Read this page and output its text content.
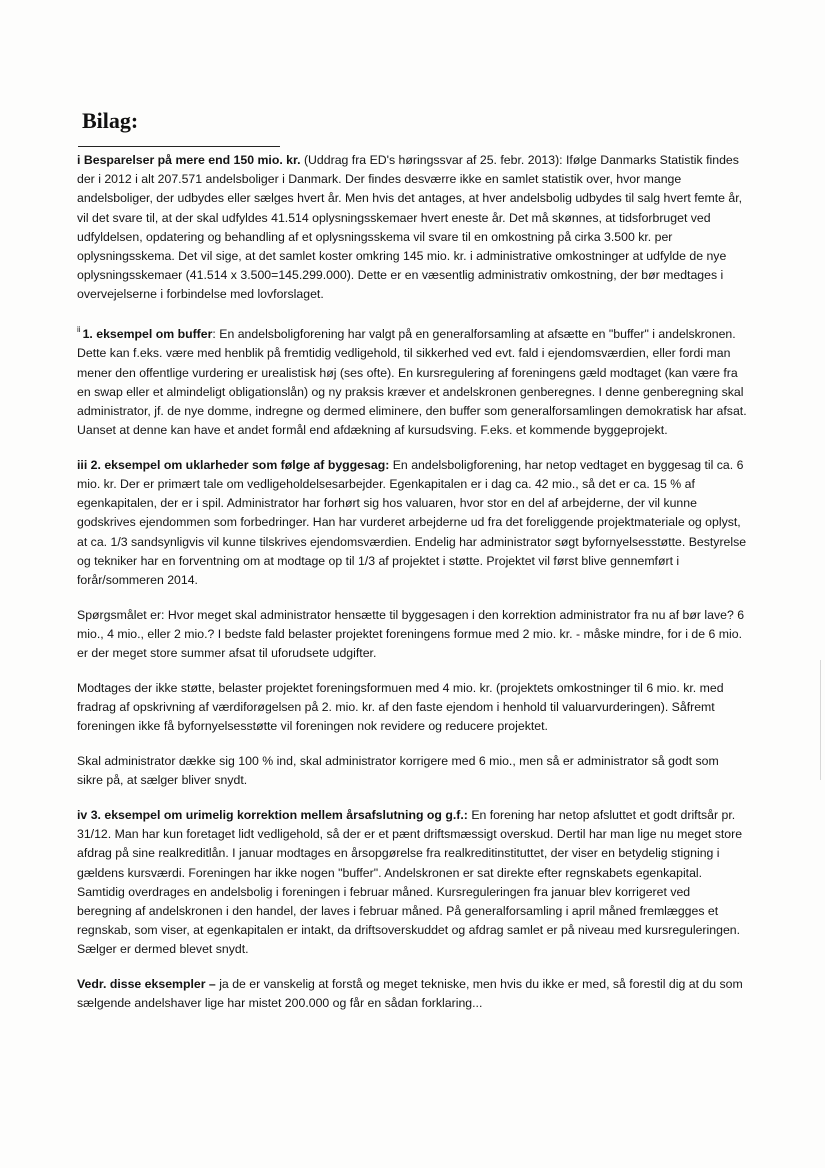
Bilag:

i Besparelser på mere end 150 mio. kr. (Uddrag fra ED's høringssvar af 25. febr. 2013): Ifølge Danmarks Statistik findes der i 2012 i alt 207.571 andelsboliger i Danmark. Der findes desværre ikke en samlet statistik over, hvor mange andelsboliger, der udbydes eller sælges hvert år. Men hvis det antages, at hver andelsbolig udbydes til salg hvert femte år, vil det svare til, at der skal udfyldes 41.514 oplysningsskemaer hvert eneste år. Det må skønnes, at tidsforbruget ved udfyldelsen, opdatering og behandling af et oplysningsskema vil svare til en omkostning på cirka 3.500 kr. per oplysningsskema. Det vil sige, at det samlet koster omkring 145 mio. kr. i administrative omkostninger at udfylde de nye oplysningsskemaer (41.514 x 3.500=145.299.000). Dette er en væsentlig administrativ omkostning, der bør medtages i overvejelserne i forbindelse med lovforslaget.

$^{ii}$ 1. eksempel om buffer: En andelsboligforening har valgt på en generalforsamling at afsætte en "buffer" i andelskronen. Dette kan f.eks. være med henblik på fremtidig vedligehold, til sikkerhed ved evt. fald i ejendomsværdien, eller fordi man mener den offentlige vurdering er urealistisk høj (ses ofte). En kursregulering af foreningens gæld modtaget (kan være fra en swap eller et almindeligt obligationslån) og ny praksis kræver et andelskronen genberegnes. I denne genberegning skal administrator, jf. de nye domme, indregne og dermed eliminere, den buffer som generalforsamlingen demokratisk har afsat. Uanset at denne kan have et andet formål end afdækning af kursudsving. F.eks. et kommende byggeprojekt.

iii 2. eksempel om uklarheder som følge af byggesag: En andelsboligforening, har netop vedtaget en byggesag til ca. 6 mio. kr. Der er primært tale om vedligeholdelsesarbejder. Egenkapitalen er i dag ca. 42 mio., så det er ca. 15 % af egenkapitalen, der er i spil. Administrator har forhørt sig hos valuaren, hvor stor en del af arbejderne, der vil kunne godskrives ejendommen som forbedringer. Han har vurderet arbejderne ud fra det foreliggende projektmateriale og oplyst, at ca. 1/3 sandsynligvis vil kunne tilskrives ejendomsværdien. Endelig har administrator søgt byfornyelsesstøtte. Bestyrelse og tekniker har en forventning om at modtage op til 1/3 af projektet i støtte. Projektet vil først blive gennemført i forår/sommeren 2014.

Spørgsmålet er: Hvor meget skal administrator hensætte til byggesagen i den korrektion administrator fra nu af bør lave? 6 mio., 4 mio., eller 2 mio.? I bedste fald belaster projektet foreningens formue med 2 mio. kr. - måske mindre, for i de 6 mio. er der meget store summer afsat til uforudsete udgifter.

Modtages der ikke støtte, belaster projektet foreningsformuen med 4 mio. kr. (projektets omkostninger til 6 mio. kr. med fradrag af opskrivning af værdiforøgelsen på 2. mio. kr. af den faste ejendom i henhold til valuarvurderingen). Såfremt foreningen ikke få byfornyelsesstøtte vil foreningen nok revidere og reducere projektet.

Skal administrator dække sig 100 % ind, skal administrator korrigere med 6 mio., men så er administrator så godt som sikre på, at sælger bliver snydt.

iv 3. eksempel om urimelig korrektion mellem årsafslutning og g.f.: En forening har netop afsluttet et godt driftsår pr. 31/12. Man har kun foretaget lidt vedligehold, så der er et pænt driftsmæssigt overskud. Dertil har man lige nu meget store afdrag på sine realkreditlån. I januar modtages en årsopgørelse fra realkreditinstituttet, der viser en betydelig stigning i gældens kursværdi. Foreningen har ikke nogen "buffer". Andelskronen er sat direkte efter regnskabets egenkapital. Samtidig overdrages en andelsbolig i foreningen i februar måned. Kursreguleringen fra januar blev korrigeret ved beregning af andelskronen i den handel, der laves i februar måned. På generalforsamling i april måned fremlægges et regnskab, som viser, at egenkapitalen er intakt, da driftsoverskuddet og afdrag samlet er på niveau med kursreguleringen. Sælger er dermed blevet snydt.

Vedr. disse eksempler – ja de er vanskelig at forstå og meget tekniske, men hvis du ikke er med, så forestil dig at du som sælgende andelshaver lige har mistet 200.000 og får en sådan forklaring...
